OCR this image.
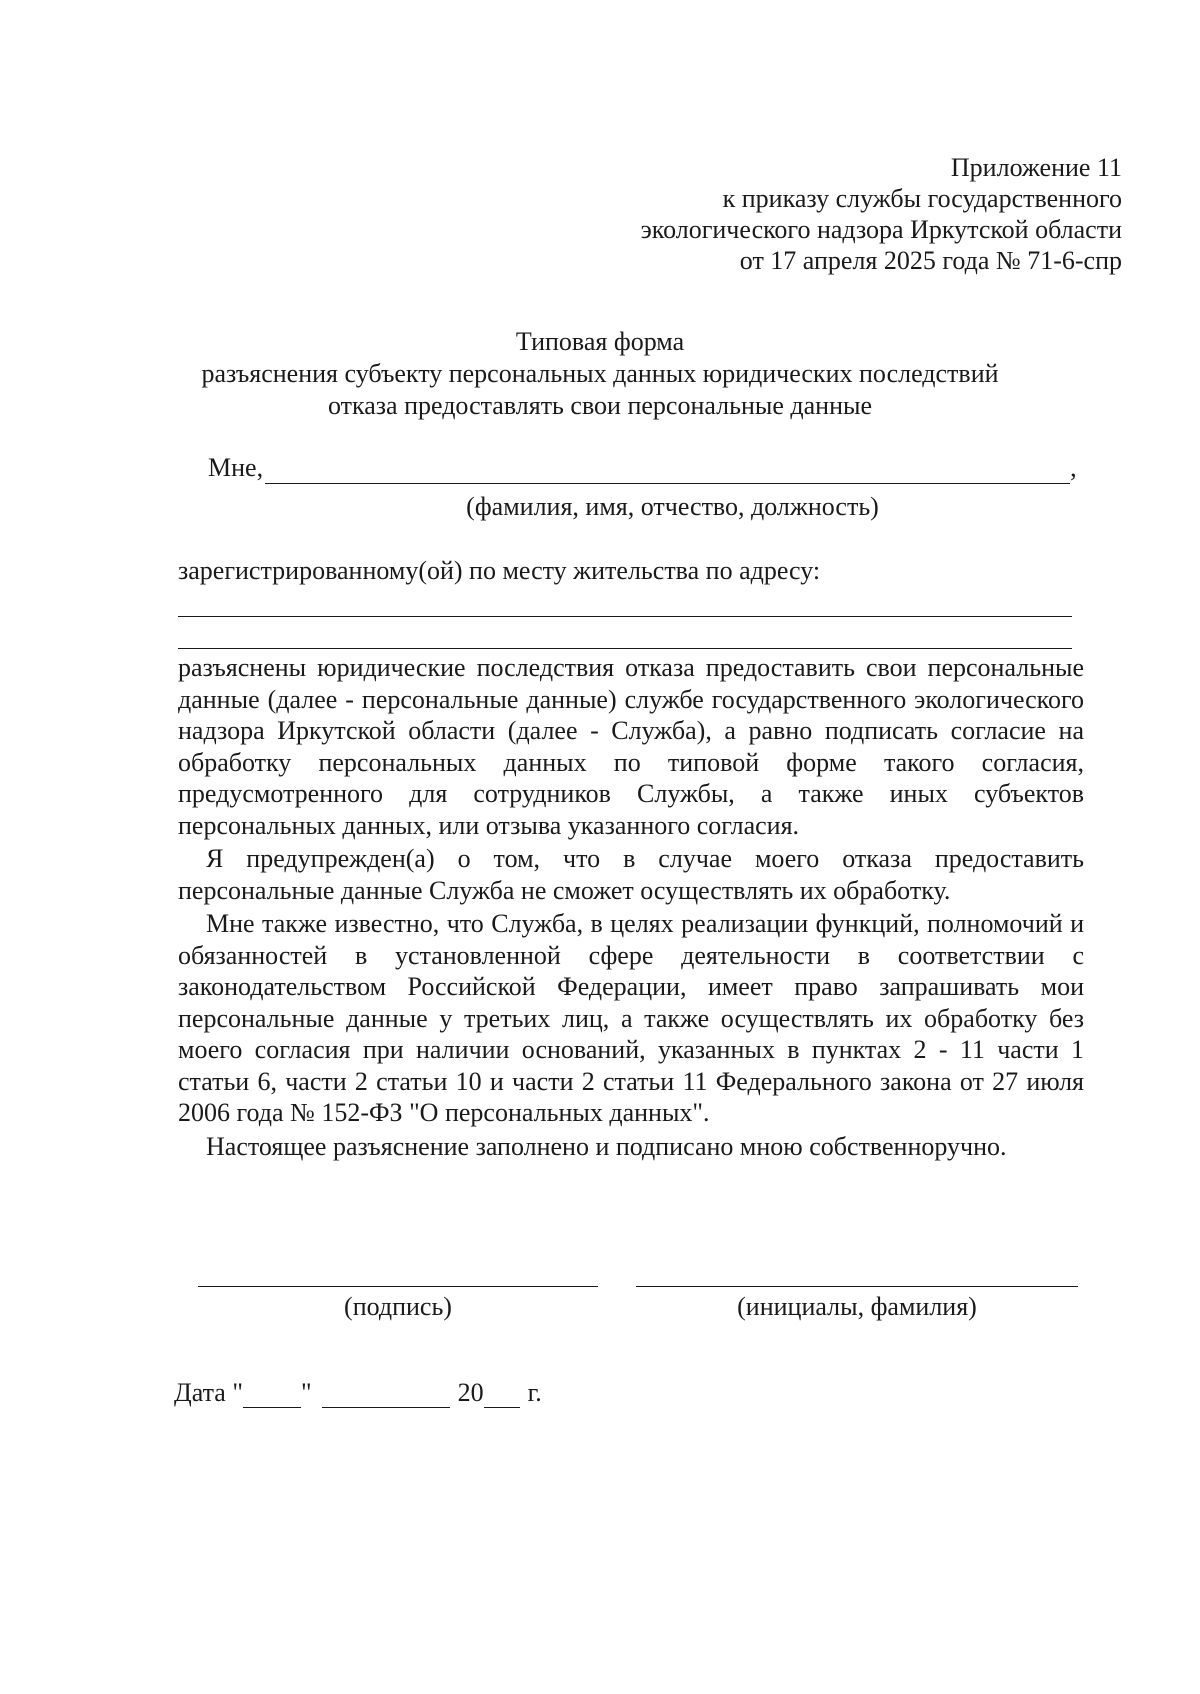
Приложение 11
к приказу службы государственного
экологического надзора Иркутской области
от 17 апреля 2025 года № 71-6-спр
Типовая форма
разъяснения субъекту персональных данных юридических последствий
отказа предоставлять свои персональные данные
Мне,	,
(фамилия, имя, отчество, должность)
зарегистрированному(ой) по месту жительства по адресу:

разъяснены юридические последствия отказа предоставить свои персональные данные (далее - персональные данные) службе государственного экологического надзора Иркутской области (далее - Служба), а равно подписать согласие на обработку персональных данных по типовой форме такого согласия, предусмотренного для сотрудников Службы, а также иных субъектов персональных данных, или отзыва указанного согласия.

Я предупрежден(а) о том, что в случае моего отказа предоставить персональные данные Служба не сможет осуществлять их обработку.

Мне также известно, что Служба, в целях реализации функций, полномочий и обязанностей в установленной сфере деятельности в соответствии с законодательством Российской Федерации, имеет право запрашивать мои персональные данные у третьих лиц, а также осуществлять их обработку без моего согласия при наличии оснований, указанных в пунктах 2 - 11 части 1 статьи 6, части 2 статьи 10 и части 2 статьи 11 Федерального закона от 27 июля 2006 года № 152-ФЗ "О персональных данных".

Настоящее разъяснение заполнено и подписано мною собственноручно.

(подпись)	(инициалы, фамилия)
Дата " "	20 г.
